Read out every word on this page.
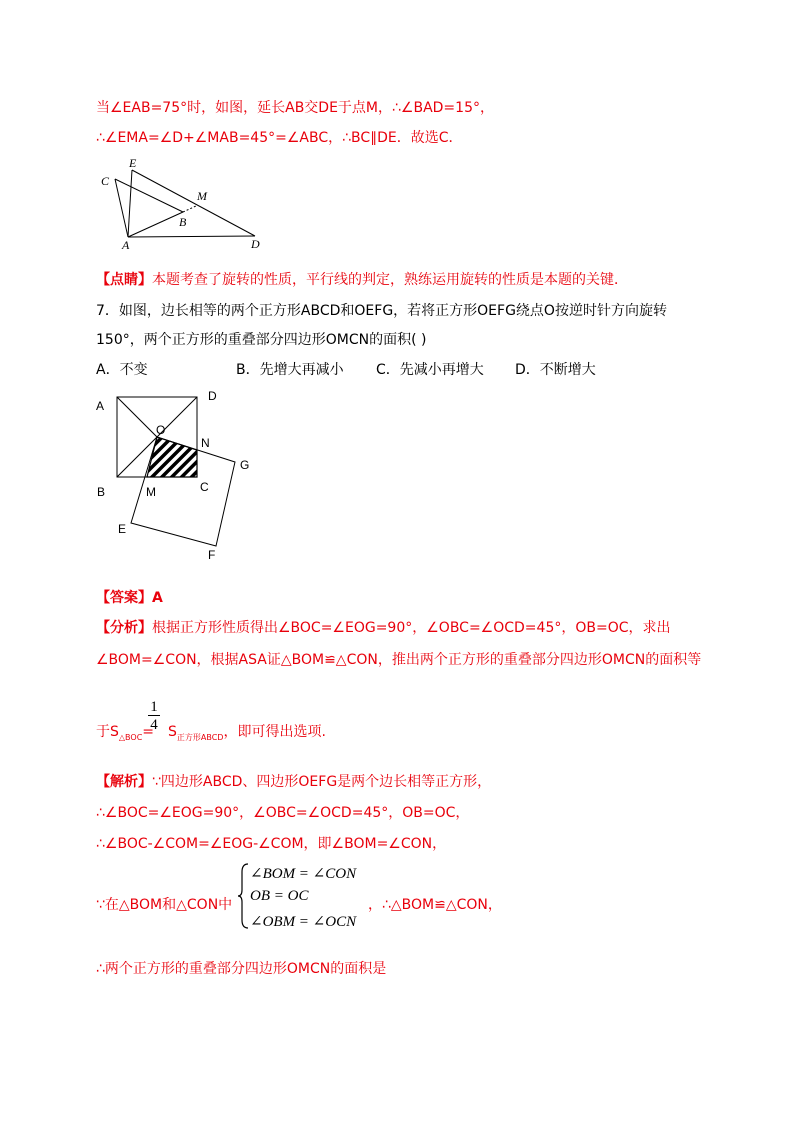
当∠EAB=75°时，如图，延长AB交DE于点M，∴∠BAD=15°，
∴∠EMA=∠D+∠MAB=45°=∠ABC，∴BC∥DE．故选C．
C
E
M
B
A	D
【点睛】本题考查了旋转的性质，平行线的判定，熟练运用旋转的性质是本题的关键．
7．如图，边长相等的两个正方形ABCD和OEFG，若将正方形OEFG绕点O按逆时针方向旋转
150°，两个正方形的重叠部分四边形OMCN的面积( )
A．不变	B．先增大再减小 C．先减小再增大 D．不断增大
A
D
O
N
G
B	M	C
E
F
【答案】A
【分析】根据正方形性质得出∠BOC=∠EOG=90°，∠OBC=∠OCD=45°，OB=OC，求出
∠BOM=∠CON，根据ASA证△BOM≌△CON，推出两个正方形的重叠部分四边形OMCN的面积等
于$S_{\triangle BOC}= S_{正方形ABCD}$，即可得出选项.
1
4
【解析】∵四边形ABCD、四边形OEFG是两个边长相等正方形，
∴∠BOC=∠EOG=90°，∠OBC=∠OCD=45°，OB=OC，
∴∠BOC-∠COM=∠EOG-∠COM，即∠BOM=∠CON，
∵在△BOM和△CON中
∠BOM = ∠CON
OB = OC
∠OBM = ∠OCN
，∴△BOM≌△CON，
∴两个正方形的重叠部分四边形OMCN的面积是
